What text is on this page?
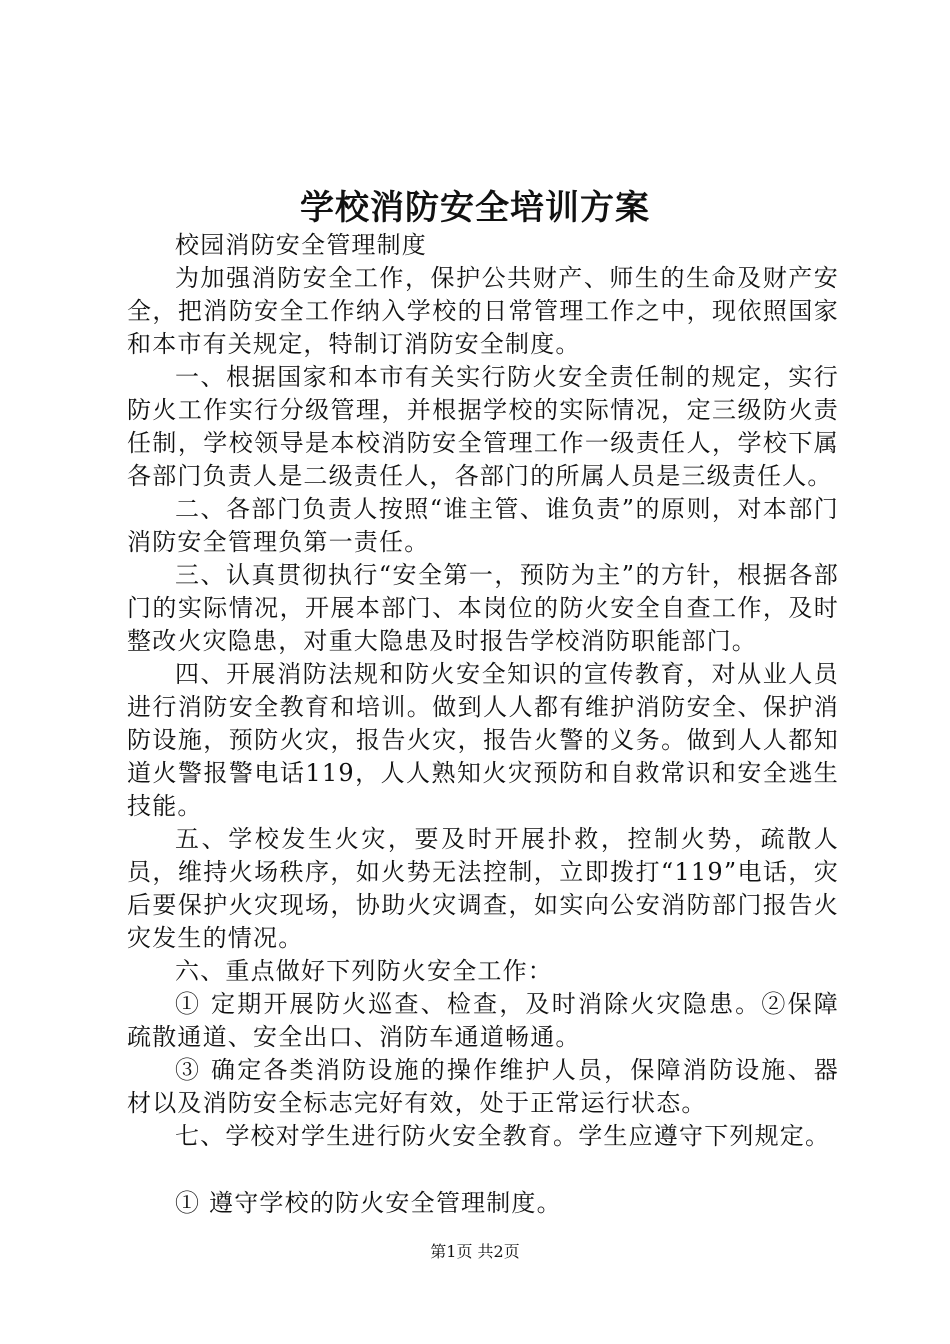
学校消防安全培训方案

校园消防安全管理制度

为加强消防安全工作，保护公共财产、师生的生命及财产安全，把消防安全工作纳入学校的日常管理工作之中，现依照国家和本市有关规定，特制订消防安全制度。

一、根据国家和本市有关实行防火安全责任制的规定，实行防火工作实行分级管理，并根据学校的实际情况，定三级防火责任制，学校领导是本校消防安全管理工作一级责任人，学校下属各部门负责人是二级责任人，各部门的所属人员是三级责任人。

二、各部门负责人按照“谁主管、谁负责”的原则，对本部门消防安全管理负第一责任。

三、认真贯彻执行“安全第一，预防为主”的方针，根据各部门的实际情况，开展本部门、本岗位的防火安全自查工作，及时整改火灾隐患，对重大隐患及时报告学校消防职能部门。

四、开展消防法规和防火安全知识的宣传教育，对从业人员进行消防安全教育和培训。做到人人都有维护消防安全、保护消防设施，预防火灾，报告火灾，报告火警的义务。做到人人都知道火警报警电话119，人人熟知火灾预防和自救常识和安全逃生技能。

五、学校发生火灾，要及时开展扑救，控制火势，疏散人员，维持火场秩序，如火势无法控制，立即拨打“119”电话，灾后要保护火灾现场，协助火灾调查，如实向公安消防部门报告火灾发生的情况。

六、重点做好下列防火安全工作：

① 定期开展防火巡查、检查，及时消除火灾隐患。②保障疏散通道、安全出口、消防车通道畅通。

③ 确定各类消防设施的操作维护人员，保障消防设施、器材以及消防安全标志完好有效，处于正常运行状态。

七、学校对学生进行防火安全教育。学生应遵守下列规定。

① 遵守学校的防火安全管理制度。

第1页 共2页
